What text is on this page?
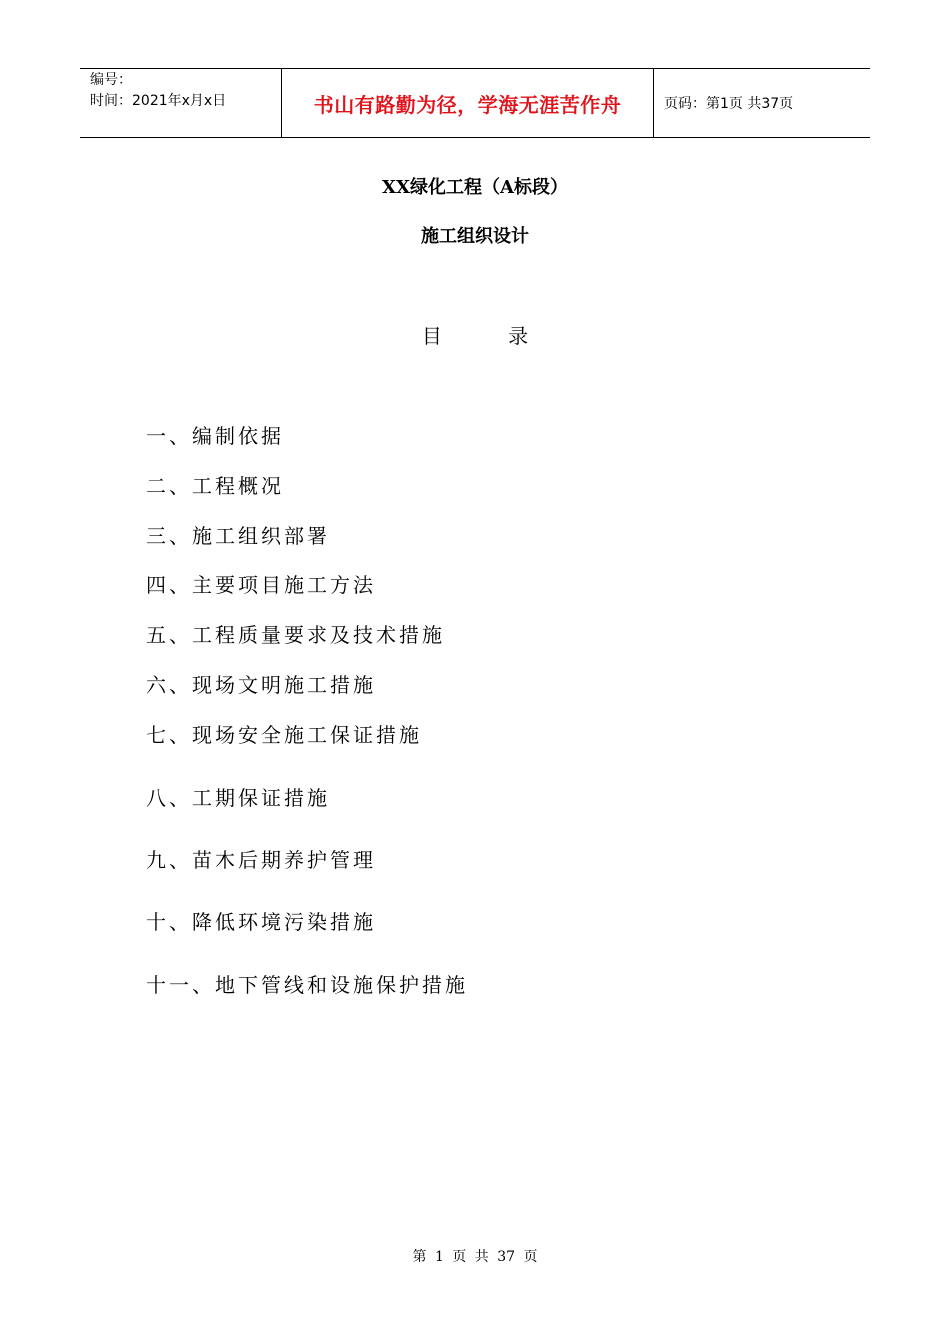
编号：
时间：2021年x月x日	书山有路勤为径，学海无涯苦作舟	页码：第1页 共37页
XX绿化工程（A标段）
施工组织设计
目	录
一、编制依据
二、工程概况
三、施工组织部署
四、主要项目施工方法
五、工程质量要求及技术措施
六、现场文明施工措施
七、现场安全施工保证措施
八、工期保证措施
九、苗木后期养护管理
十、降低环境污染措施
十一、地下管线和设施保护措施
第 1 页 共 37 页
